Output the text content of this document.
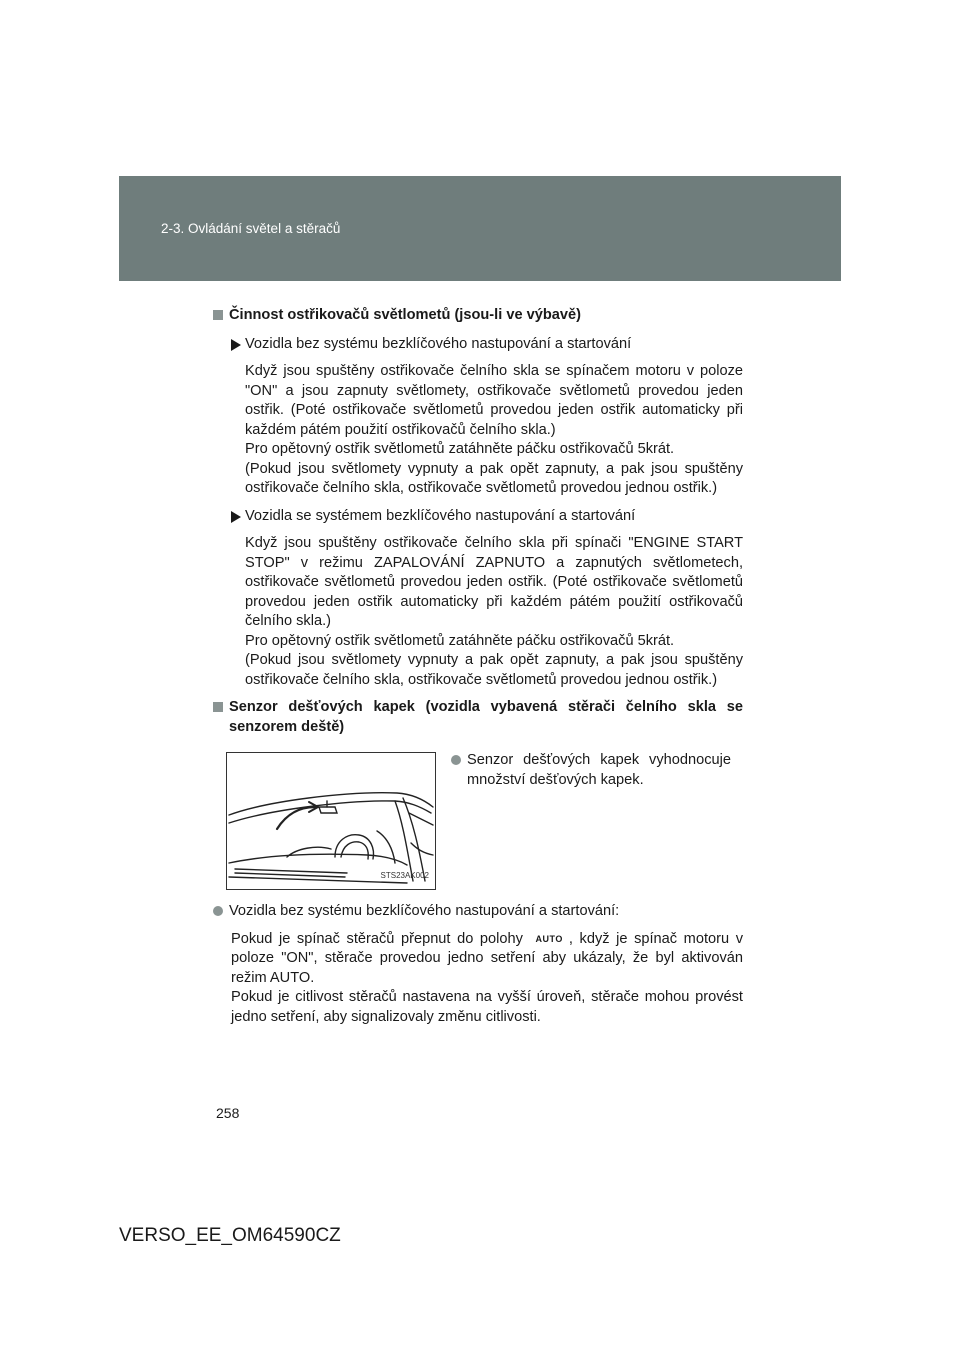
2-3. Ovládání světel a stěračů
Činnost ostřikovačů světlometů (jsou-li ve výbavě)
Vozidla bez systému bezklíčového nastupování a startování

Když jsou spuštěny ostřikovače čelního skla se spínačem motoru v poloze "ON" a jsou zapnuty světlomety, ostřikovače světlometů provedou jeden ostřik. (Poté ostřikovače světlometů provedou jeden ostřik automaticky při každém pátém použití ostřikovačů čelního skla.)

Pro opětovný ostřik světlometů zatáhněte páčku ostřikovačů 5krát.

(Pokud jsou světlomety vypnuty a pak opět zapnuty, a pak jsou spuštěny ostřikovače čelního skla, ostřikovače světlometů provedou jednou ostřik.)

Vozidla se systémem bezklíčového nastupování a startování

Když jsou spuštěny ostřikovače čelního skla při spínači "ENGINE START STOP" v režimu ZAPALOVÁNÍ ZAPNUTO a zapnutých světlometech, ostřikovače světlometů provedou jeden ostřik. (Poté ostřikovače světlometů provedou jeden ostřik automaticky při každém pátém použití ostřikovačů čelního skla.)

Pro opětovný ostřik světlometů zatáhněte páčku ostřikovačů 5krát.

(Pokud jsou světlomety vypnuty a pak opět zapnuty, a pak jsou spuštěny ostřikovače čelního skla, ostřikovače světlometů provedou jednou ostřik.)

Senzor dešťových kapek (vozidla vybavená stěrači čelního skla se senzorem deště)
STS23AK002
Senzor dešťových kapek vyhodnocuje množství dešťových kapek.
Vozidla bez systému bezklíčového nastupování a startování:

Pokud je spínač stěračů přepnut do polohy AUTO , když je spínač motoru v poloze "ON", stěrače provedou jedno setření aby ukázaly, že byl aktivován režim AUTO.

Pokud je citlivost stěračů nastavena na vyšší úroveň, stěrače mohou provést jedno setření, aby signalizovaly změnu citlivosti.

258
VERSO_EE_OM64590CZ
